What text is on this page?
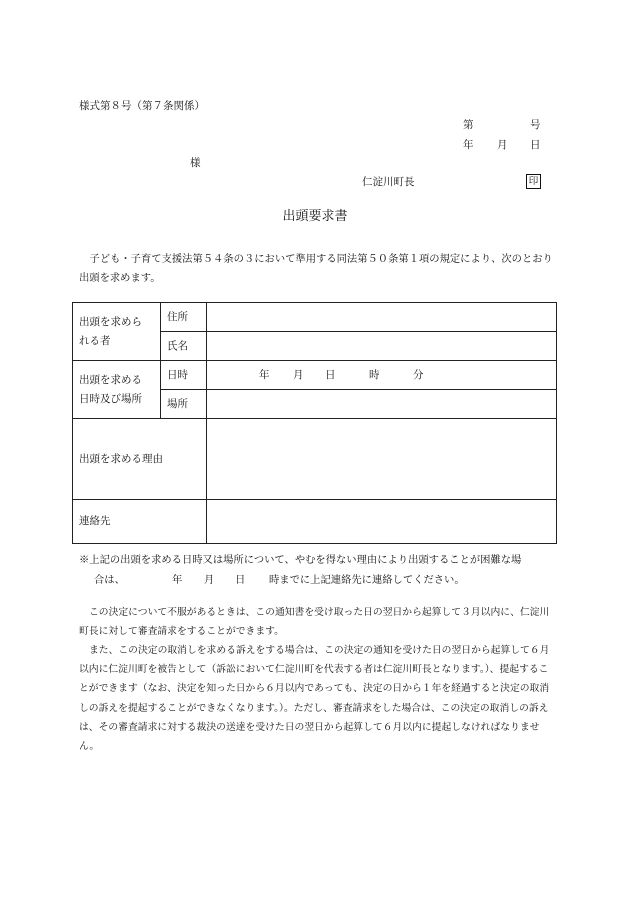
様式第８号（第７条関係）
第	号
年 月 日
様
仁淀川町長	印
出頭要求書
子ども・子育て支援法第５４条の３において準用する同法第５０条第１項の規定により、次のとおり出頭を求めます。
出頭を求められる者	住所	
	氏名	
出頭を求める日時及び場所	日時	年 月 日 時 分

	場所	
出頭を求める理由		
連絡先		
※上記の出頭を求める日時又は場所について、やむを得ない理由により出頭することが困難な場
合は、	年 月 日 時までに上記連絡先に連絡してください。
この決定について不服があるときは、この通知書を受け取った日の翌日から起算して３月以内に、仁淀川町長に対して審査請求をすることができます。
また、この決定の取消しを求める訴えをする場合は、この決定の通知を受けた日の翌日から起算して６月以内に仁淀川町を被告として（訴訟において仁淀川町を代表する者は仁淀川町長となります。）、提起することができます（なお、決定を知った日から６月以内であっても、決定の日から１年を経過すると決定の取消しの訴えを提起することができなくなります。）。ただし、審査請求をした場合は、この決定の取消しの訴えは、その審査請求に対する裁決の送達を受けた日の翌日から起算して６月以内に提起しなければなりません。
